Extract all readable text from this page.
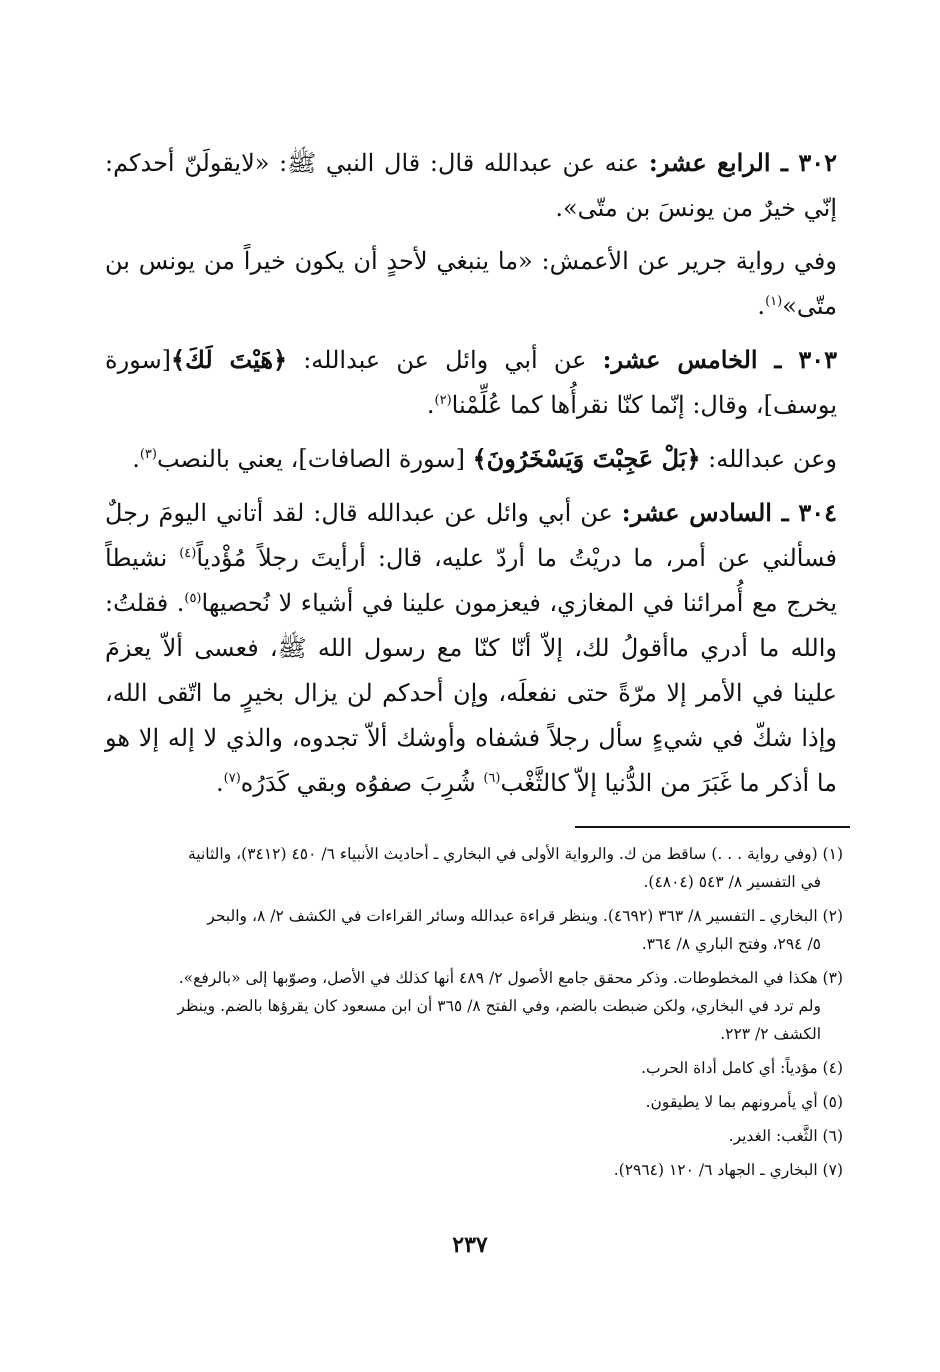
٣٠٢ ـ الرابع عشر: عنه عن عبدالله قال: قال النبي ﷺ: «لايقولَنّ أحدكم: إنّي خيرٌ من يونسَ بن متّى».

وفي رواية جرير عن الأعمش: «ما ينبغي لأحدٍ أن يكون خيراً من يونس بن متّى»$^{(١)}$.

٣٠٣ ـ الخامس عشر: عن أبي وائل عن عبدالله: ﴿هَيْتَ لَكَ﴾[سورة يوسف]، وقال: إنّما كنّا نقرأُها كما عُلِّمْنا$^{(٢)}$.

وعن عبدالله: ﴿بَلْ عَجِبْتَ وَيَسْخَرُونَ﴾ [سورة الصافات]، يعني بالنصب$^{(٣)}$.

٣٠٤ ـ السادس عشر: عن أبي وائل عن عبدالله قال: لقد أتاني اليومَ رجلٌ فسألني عن أمر، ما دريْتُ ما أردّ عليه، قال: أرأيتَ رجلاً مُؤْدياً$^{(٤)}$ نشيطاً يخرج مع أُمرائنا في المغازي، فيعزمون علينا في أشياء لا نُحصيها$^{(٥)}$. فقلتُ: والله ما أدري ماأقولُ لك، إلاّ أنّا كنّا مع رسول الله ﷺ، فعسى ألاّ يعزمَ علينا في الأمر إلا مرّةً حتى نفعلَه، وإن أحدكم لن يزال بخيرٍ ما اتّقى الله، وإذا شكّ في شيءٍ سأل رجلاً فشفاه وأوشك ألاّ تجدوه، والذي لا إله إلا هو ما أذكر ما غَبَرَ من الدُّنيا إلاّ كالثَّغْب$^{(٦)}$ شُرِبَ صفوُه وبقي كَدَرُه$^{(٧)}$.

(١) (وفي رواية . . .) ساقط من ك. والرواية الأولى في البخاري ـ أحاديث الأنبياء ٦/ ٤٥٠ (٣٤١٢)، والثانية
في التفسير ٨/ ٥٤٣ (٤٨٠٤).

(٢) البخاري ـ التفسير ٨/ ٣٦٣ (٤٦٩٢). وينظر قراءة عبدالله وسائر القراءات في الكشف ٢/ ٨، والبحر
٥/ ٢٩٤، وفتح الباري ٨/ ٣٦٤.

(٣) هكذا في المخطوطات. وذكر محقق جامع الأصول ٢/ ٤٨٩ أنها كذلك في الأصل، وصوّبها إلى «بالرفع».
ولم ترد في البخاري، ولكن ضبطت بالضم، وفي الفتح ٨/ ٣٦٥ أن ابن مسعود كان يقرؤها بالضم. وينظر
الكشف ٢/ ٢٢٣.

(٤) مؤدياً: أي كامل أداة الحرب.

(٥) أي يأمرونهم بما لا يطيقون.

(٦) الثَّغب: الغدير.

(٧) البخاري ـ الجهاد ٦/ ١٢٠ (٢٩٦٤).

٢٣٧
